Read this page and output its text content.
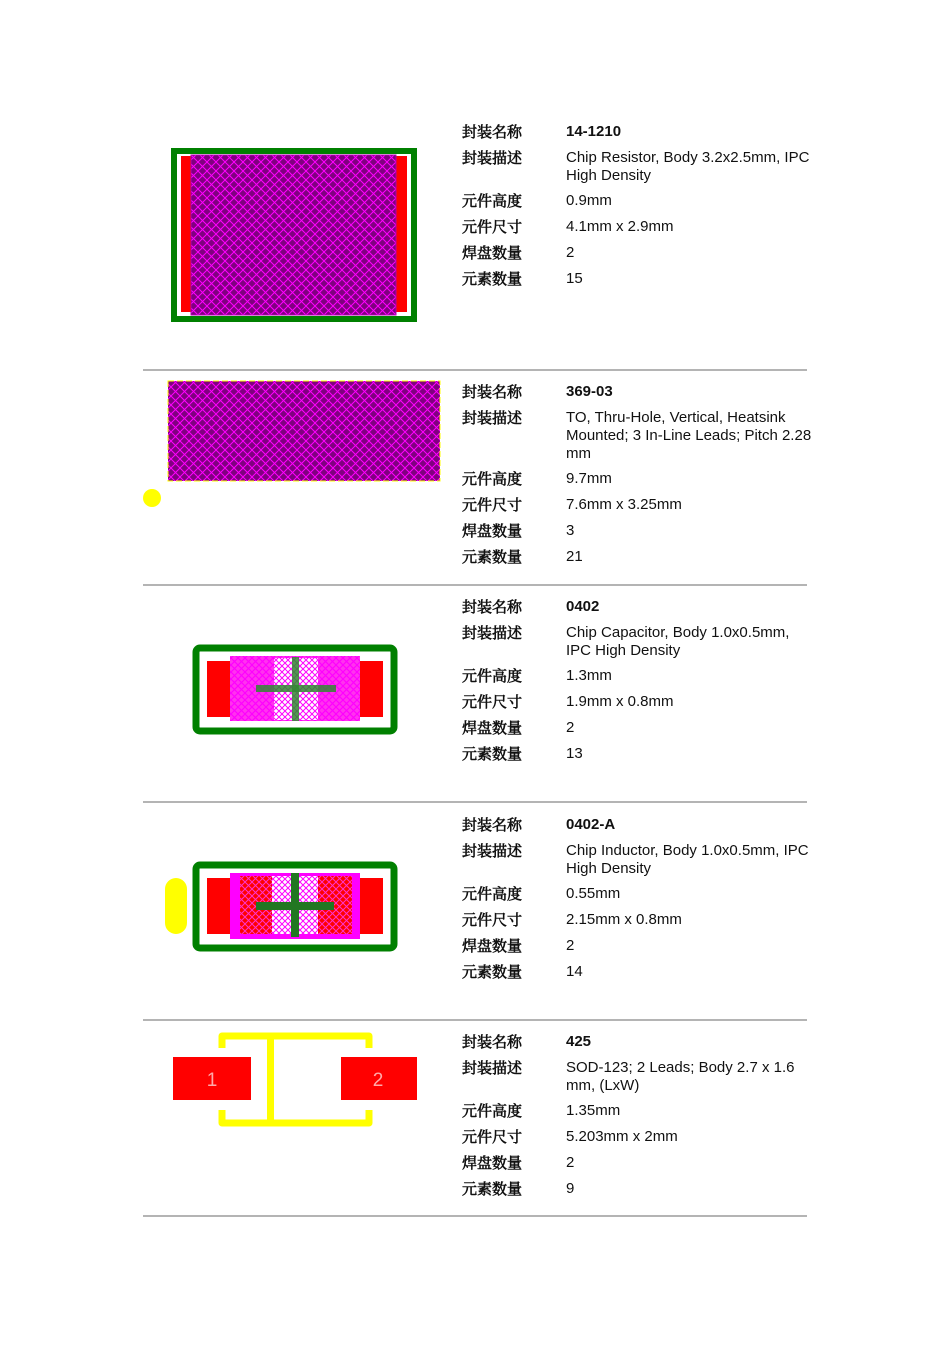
1	2
封装名称	14-1210
封装描述	Chip Resistor, Body 3.2x2.5mm, IPC High Density
元件高度	0.9mm
元件尺寸	4.1mm x 2.9mm
焊盘数量	2
元素数量	15
封装名称	369-03
封装描述	TO, Thru-Hole, Vertical, Heatsink Mounted; 3 In-Line Leads; Pitch 2.28 mm
元件高度	9.7mm
元件尺寸	7.6mm x 3.25mm
焊盘数量	3
元素数量	21
封装名称	0402
封装描述	Chip Capacitor, Body 1.0x0.5mm, IPC High Density
元件高度	1.3mm
元件尺寸	1.9mm x 0.8mm
焊盘数量	2
元素数量	13
封装名称	0402-A
封装描述	Chip Inductor, Body 1.0x0.5mm, IPC High Density
元件高度	0.55mm
元件尺寸	2.15mm x 0.8mm
焊盘数量	2
元素数量	14
封装名称	425
封装描述	SOD-123; 2 Leads; Body 2.7 x 1.6 mm, (LxW)
元件高度	1.35mm
元件尺寸	5.203mm x 2mm
焊盘数量	2
元素数量	9
